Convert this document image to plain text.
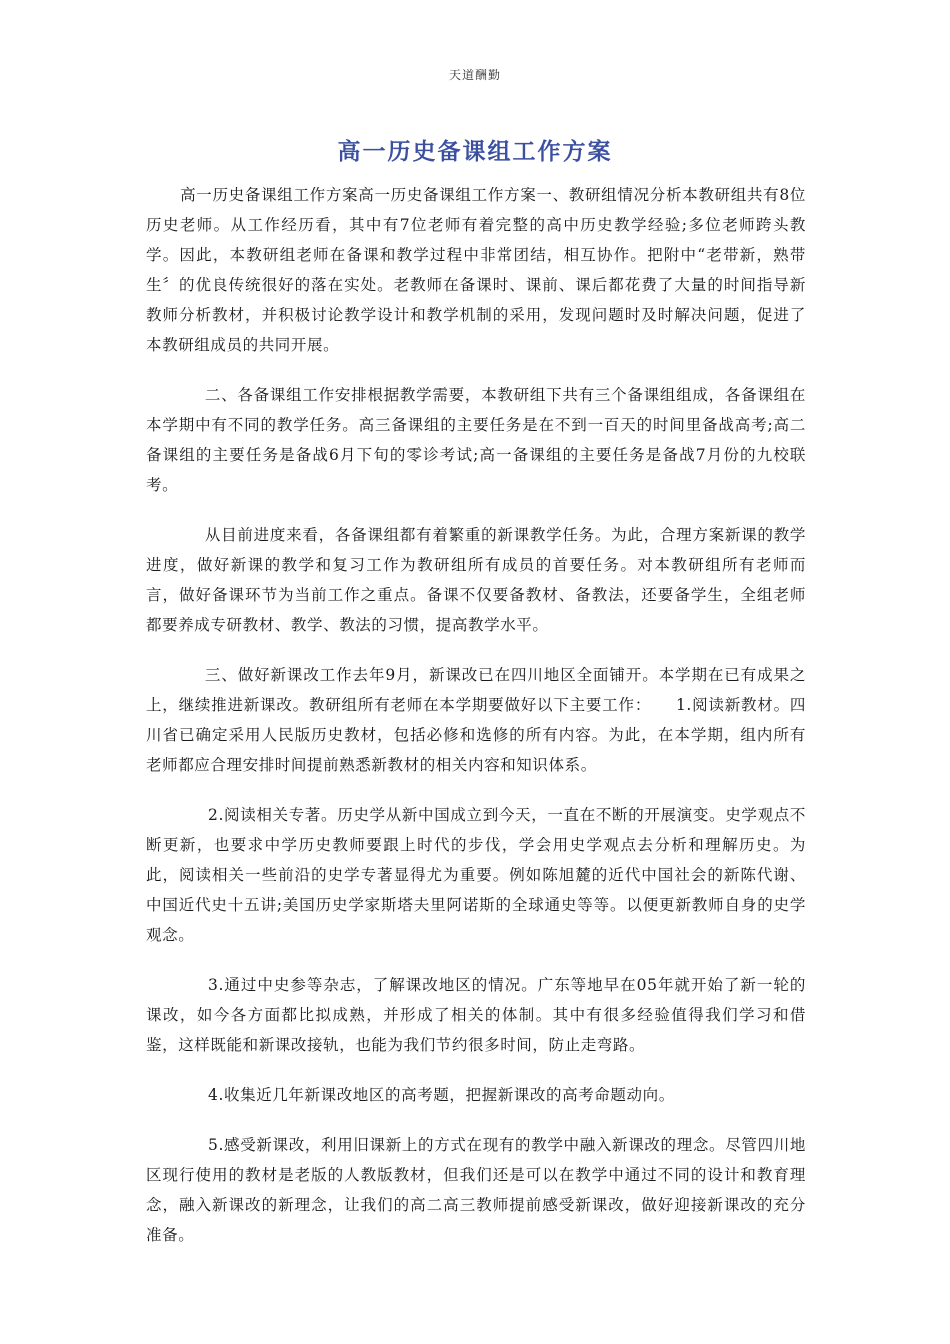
天道酬勤
高一历史备课组工作方案

高一历史备课组工作方案高一历史备课组工作方案一、教研组情况分析本教研组共有8位历史老师。从工作经历看，其中有7位老师有着完整的高中历史教学经验;多位老师跨头教学。因此，本教研组老师在备课和教学过程中非常团结，相互协作。把附中“老带新，熟带生〞的优良传统很好的落在实处。老教师在备课时、课前、课后都花费了大量的时间指导新教师分析教材，并积极讨论教学设计和教学机制的采用，发现问题时及时解决问题，促进了本教研组成员的共同开展。

二、各备课组工作安排根据教学需要，本教研组下共有三个备课组组成，各备课组在本学期中有不同的教学任务。高三备课组的主要任务是在不到一百天的时间里备战高考;高二备课组的主要任务是备战6月下旬的零诊考试;高一备课组的主要任务是备战7月份的九校联考。

从目前进度来看，各备课组都有着繁重的新课教学任务。为此，合理方案新课的教学进度，做好新课的教学和复习工作为教研组所有成员的首要任务。对本教研组所有老师而言，做好备课环节为当前工作之重点。备课不仅要备教材、备教法，还要备学生，全组老师都要养成专研教材、教学、教法的习惯，提高教学水平。

三、做好新课改工作去年9月，新课改已在四川地区全面铺开。本学期在已有成果之上，继续推进新课改。教研组所有老师在本学期要做好以下主要工作：　　1.阅读新教材。四川省已确定采用人民版历史教材，包括必修和选修的所有内容。为此，在本学期，组内所有老师都应合理安排时间提前熟悉新教材的相关内容和知识体系。

2.阅读相关专著。历史学从新中国成立到今天，一直在不断的开展演变。史学观点不断更新，也要求中学历史教师要跟上时代的步伐，学会用史学观点去分析和理解历史。为此，阅读相关一些前沿的史学专著显得尤为重要。例如陈旭麓的近代中国社会的新陈代谢、中国近代史十五讲;美国历史学家斯塔夫里阿诺斯的全球通史等等。以便更新教师自身的史学观念。

3.通过中史参等杂志，了解课改地区的情况。广东等地早在05年就开始了新一轮的课改，如今各方面都比拟成熟，并形成了相关的体制。其中有很多经验值得我们学习和借鉴，这样既能和新课改接轨，也能为我们节约很多时间，防止走弯路。

4.收集近几年新课改地区的高考题，把握新课改的高考命题动向。

5.感受新课改，利用旧课新上的方式在现有的教学中融入新课改的理念。尽管四川地区现行使用的教材是老版的人教版教材，但我们还是可以在教学中通过不同的设计和教育理念，融入新课改的新理念，让我们的高二高三教师提前感受新课改，做好迎接新课改的充分准备。
